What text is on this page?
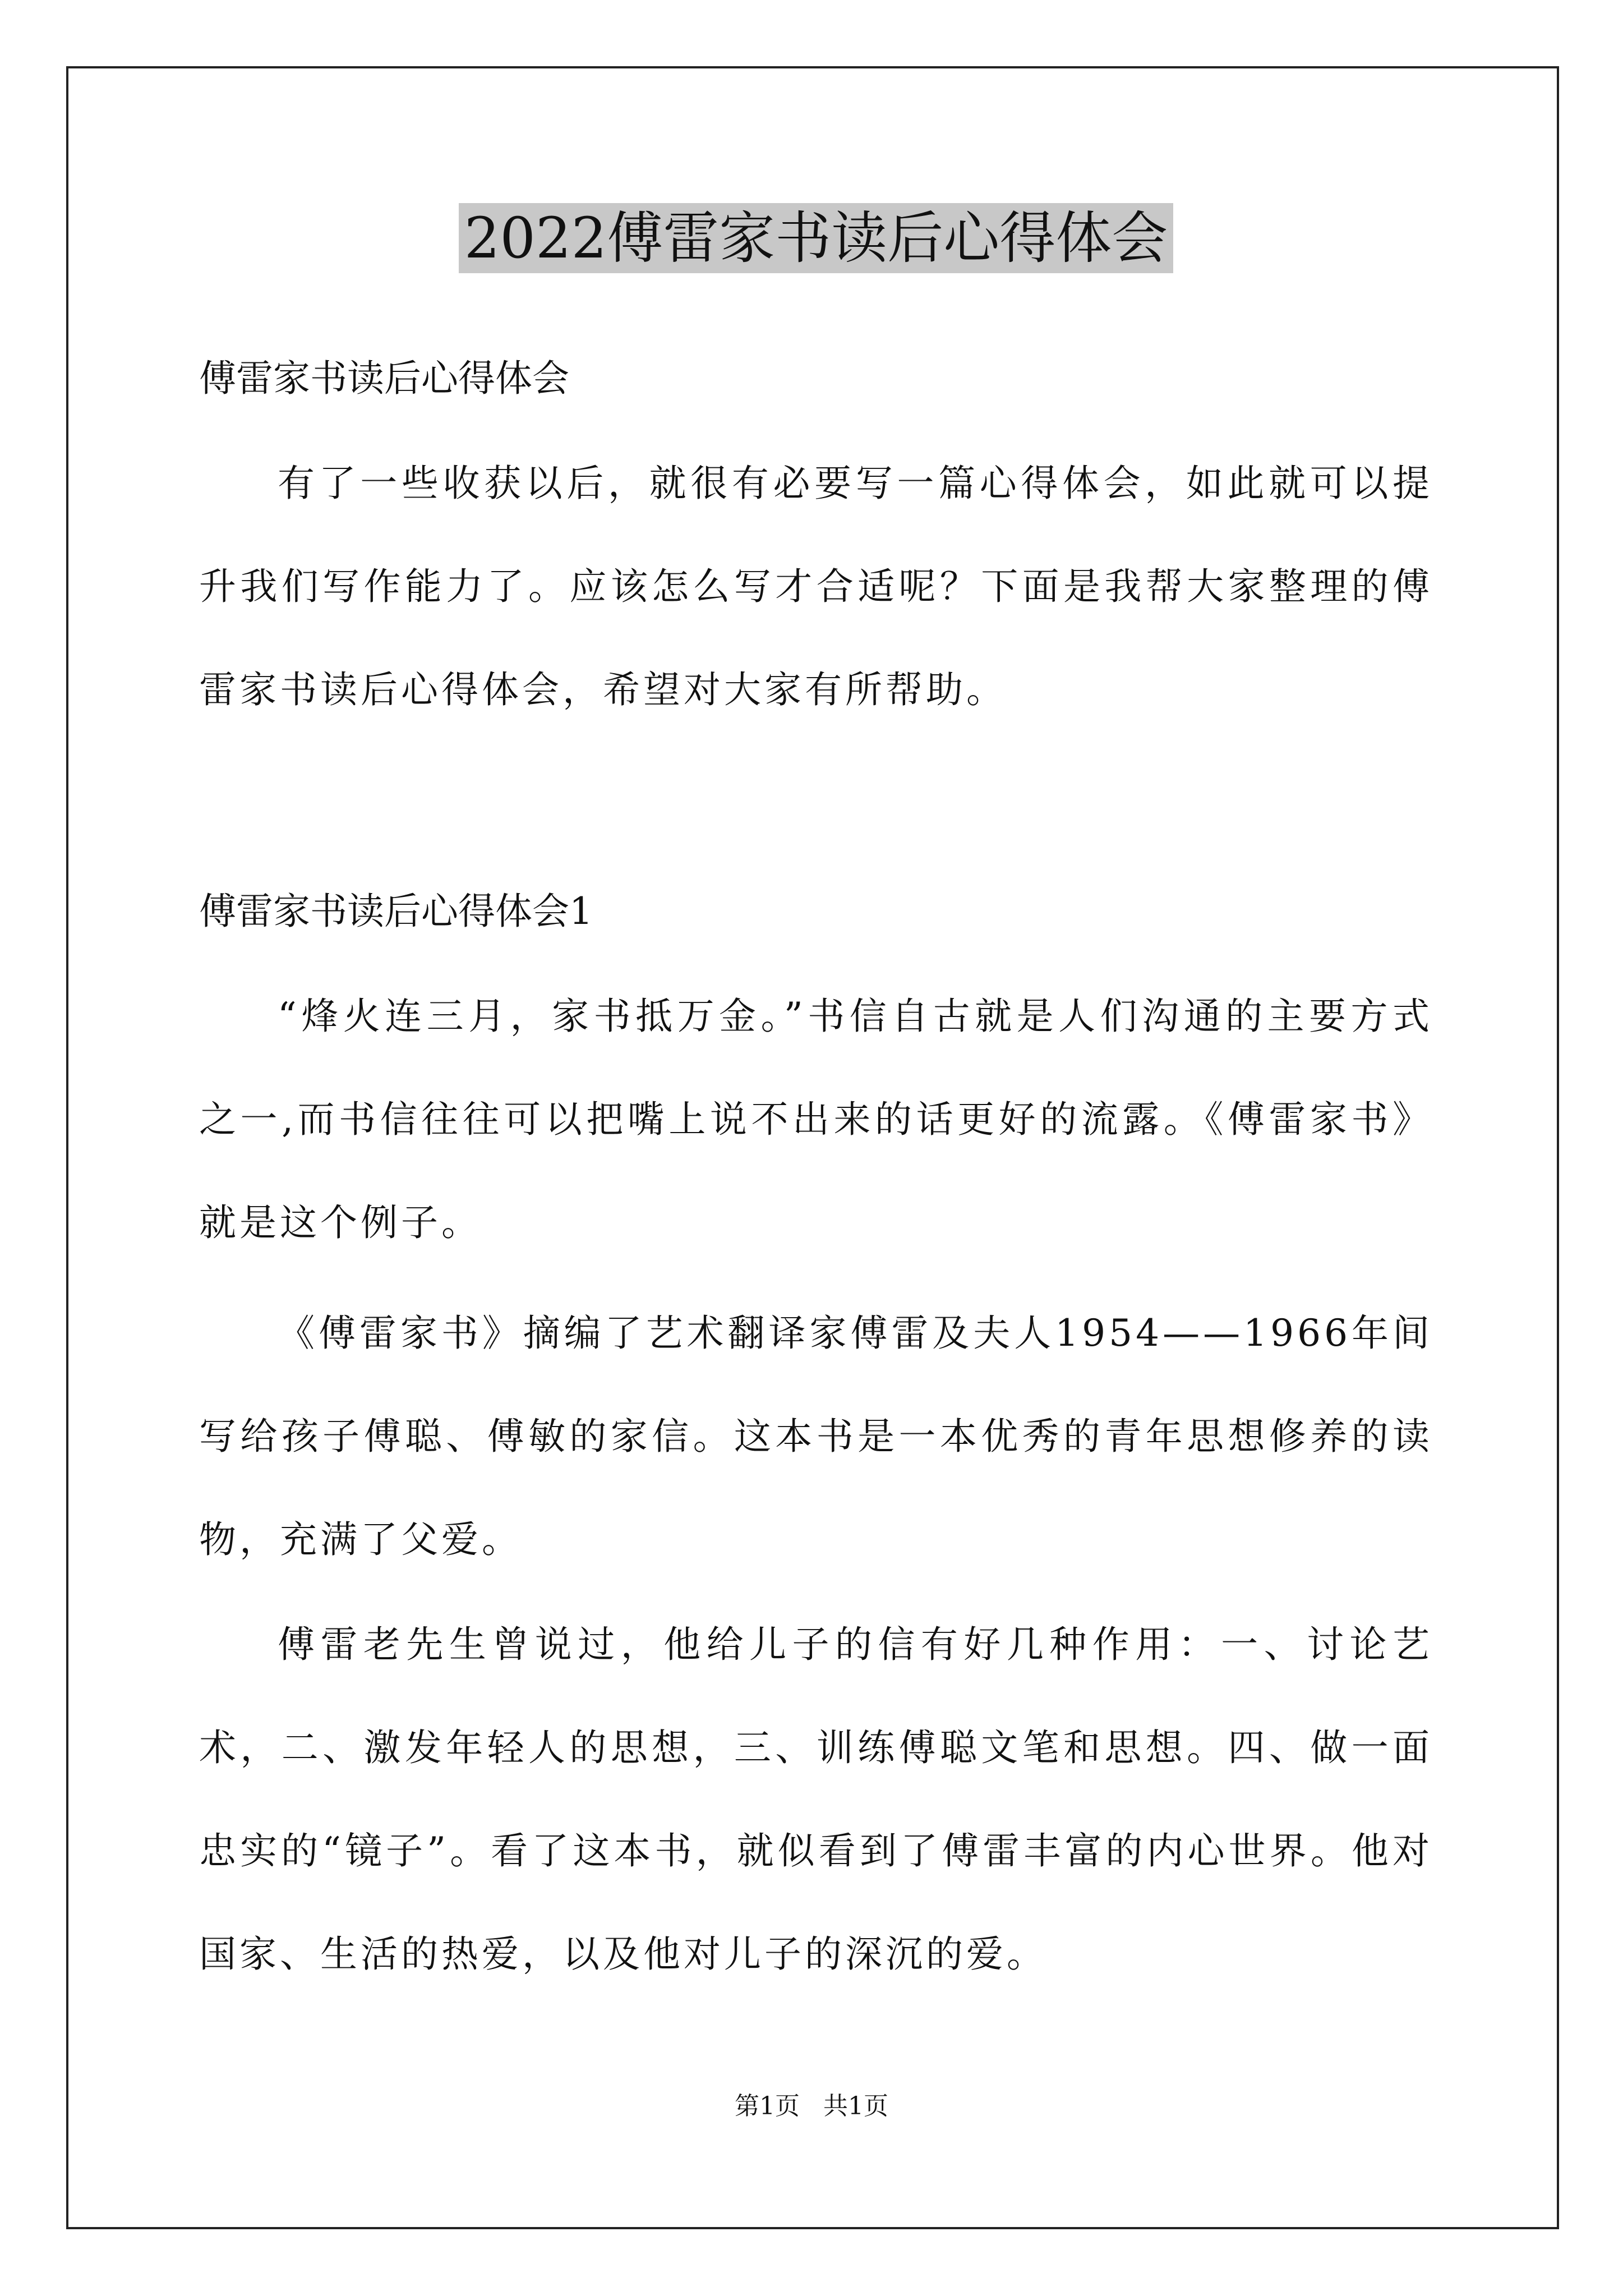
2022傅雷家书读后心得体会

傅雷家书读后心得体会

有了一些收获以后，就很有必要写一篇心得体会，如此就可以提升我们写作能力了。应该怎么写才合适呢？下面是我帮大家整理的傅雷家书读后心得体会，希望对大家有所帮助。

傅雷家书读后心得体会1

“烽火连三月，家书抵万金。”书信自古就是人们沟通的主要方式之一,而书信往往可以把嘴上说不出来的话更好的流露。《傅雷家书》就是这个例子。

《傅雷家书》摘编了艺术翻译家傅雷及夫人1954——1966年间写给孩子傅聪、傅敏的家信。这本书是一本优秀的青年思想修养的读物，充满了父爱。

傅雷老先生曾说过，他给儿子的信有好几种作用：一、讨论艺术，二、激发年轻人的思想，三、训练傅聪文笔和思想。四、做一面忠实的“镜子”。看了这本书，就似看到了傅雷丰富的内心世界。他对国家、生活的热爱，以及他对儿子的深沉的爱。

第1页   共1页
